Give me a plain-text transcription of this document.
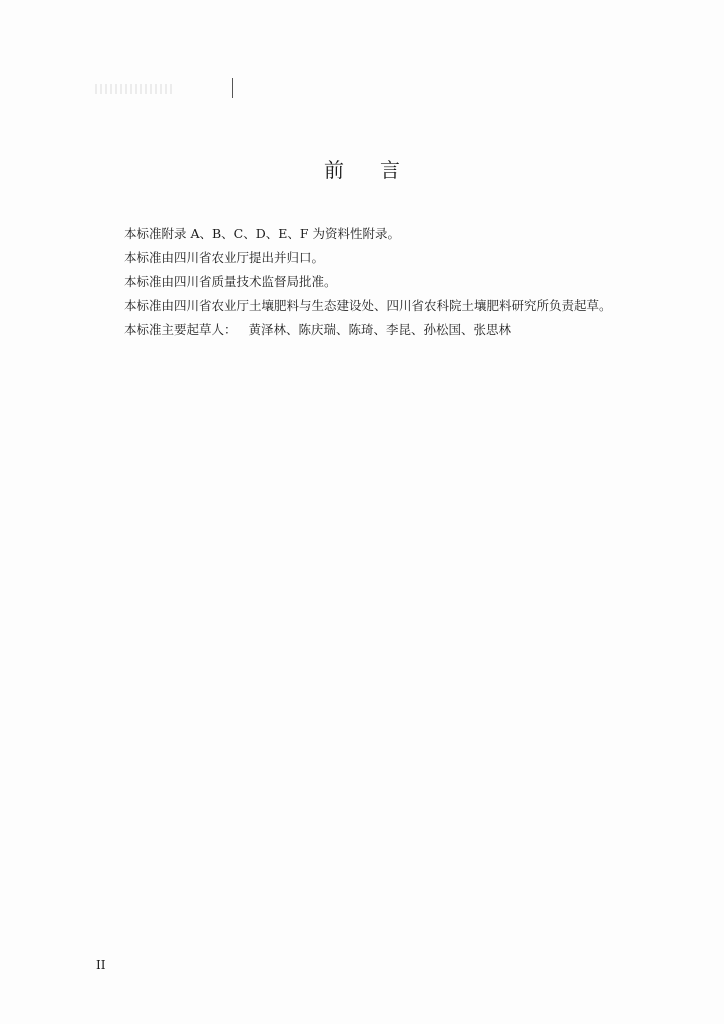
前 言
本标准附录 A、B、C、D、E、F 为资料性附录。
本标准由四川省农业厅提出并归口。
本标准由四川省质量技术监督局批准。
本标准由四川省农业厅土壤肥料与生态建设处、四川省农科院土壤肥料研究所负责起草。
本标准主要起草人： 黄泽林、陈庆瑞、陈琦、李昆、孙松国、张思林
II
